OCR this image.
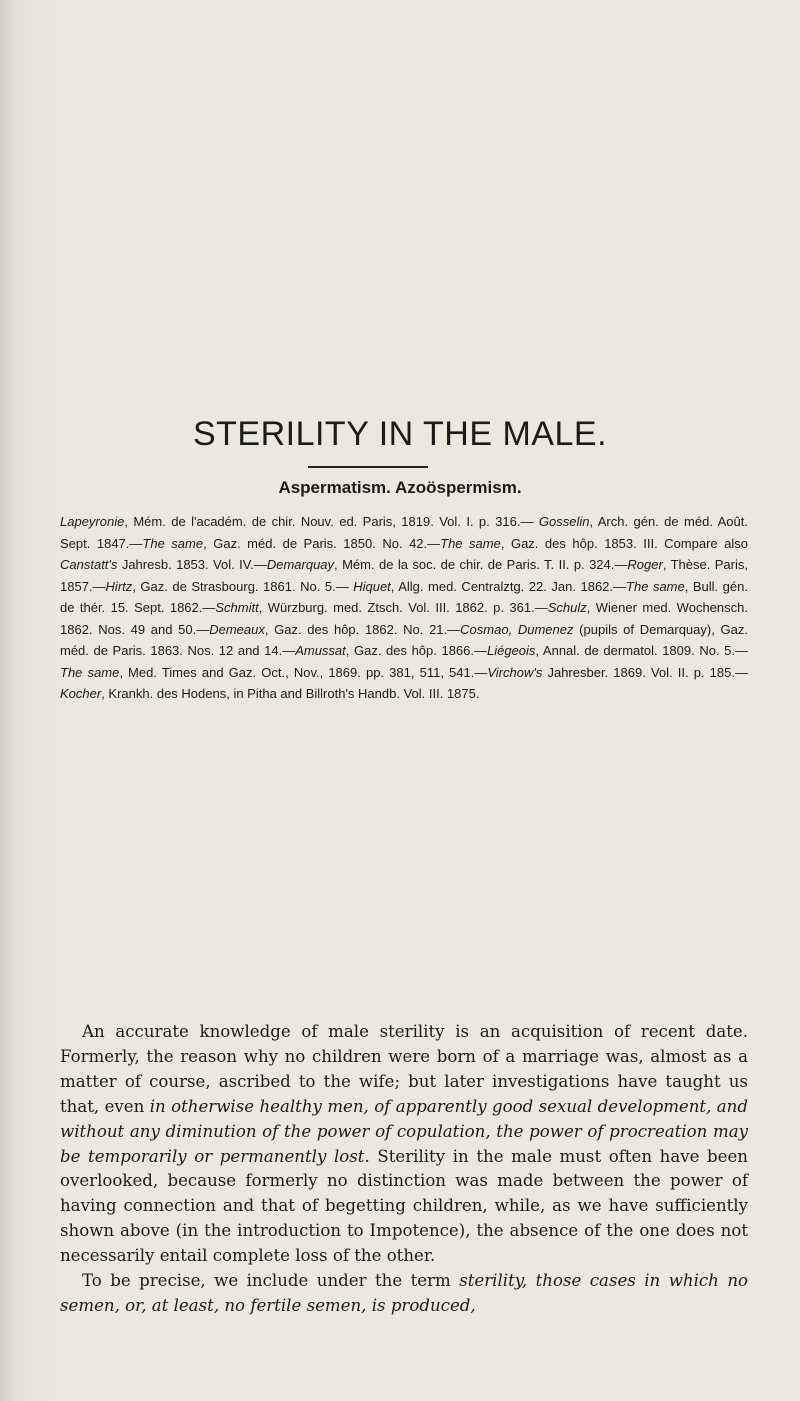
STERILITY IN THE MALE.
Aspermatism. Azoöspermism.
Lapeyronie, Mém. de l'académ. de chir. Nouv. ed. Paris, 1819. Vol. I. p. 316.— Gosselin, Arch. gén. de méd. Août. Sept. 1847.—The same, Gaz. méd. de Paris. 1850. No. 42.—The same, Gaz. des hôp. 1853. III. Compare also Canstatt's Jahresb. 1853. Vol. IV.—Demarquay, Mém. de la soc. de chir. de Paris. T. II. p. 324.—Roger, Thèse. Paris, 1857.—Hirtz, Gaz. de Strasbourg. 1861. No. 5.— Hiquet, Allg. med. Centralztg. 22. Jan. 1862.—The same, Bull. gén. de thér. 15. Sept. 1862.—Schmitt, Würzburg. med. Ztsch. Vol. III. 1862. p. 361.—Schulz, Wiener med. Wochensch. 1862. Nos. 49 and 50.—Demeaux, Gaz. des hôp. 1862. No. 21.—Cosmao, Dumenez (pupils of Demarquay), Gaz. méd. de Paris. 1863. Nos. 12 and 14.—Amussat, Gaz. des hôp. 1866.—Liégeois, Annal. de dermatol. 1809. No. 5.—The same, Med. Times and Gaz. Oct., Nov., 1869. pp. 381, 511, 541.—Virchow's Jahresber. 1869. Vol. II. p. 185.—Kocher, Krankh. des Hodens, in Pitha and Billroth's Handb. Vol. III. 1875.

An accurate knowledge of male sterility is an acquisition of recent date. Formerly, the reason why no children were born of a marriage was, almost as a matter of course, ascribed to the wife; but later investigations have taught us that, even in otherwise healthy men, of apparently good sexual development, and without any diminution of the power of copulation, the power of procreation may be temporarily or permanently lost. Sterility in the male must often have been overlooked, because formerly no distinction was made between the power of having connection and that of begetting children, while, as we have sufficiently shown above (in the introduction to Impotence), the absence of the one does not necessarily entail complete loss of the other.

To be precise, we include under the term sterility, those cases in which no semen, or, at least, no fertile semen, is produced,
